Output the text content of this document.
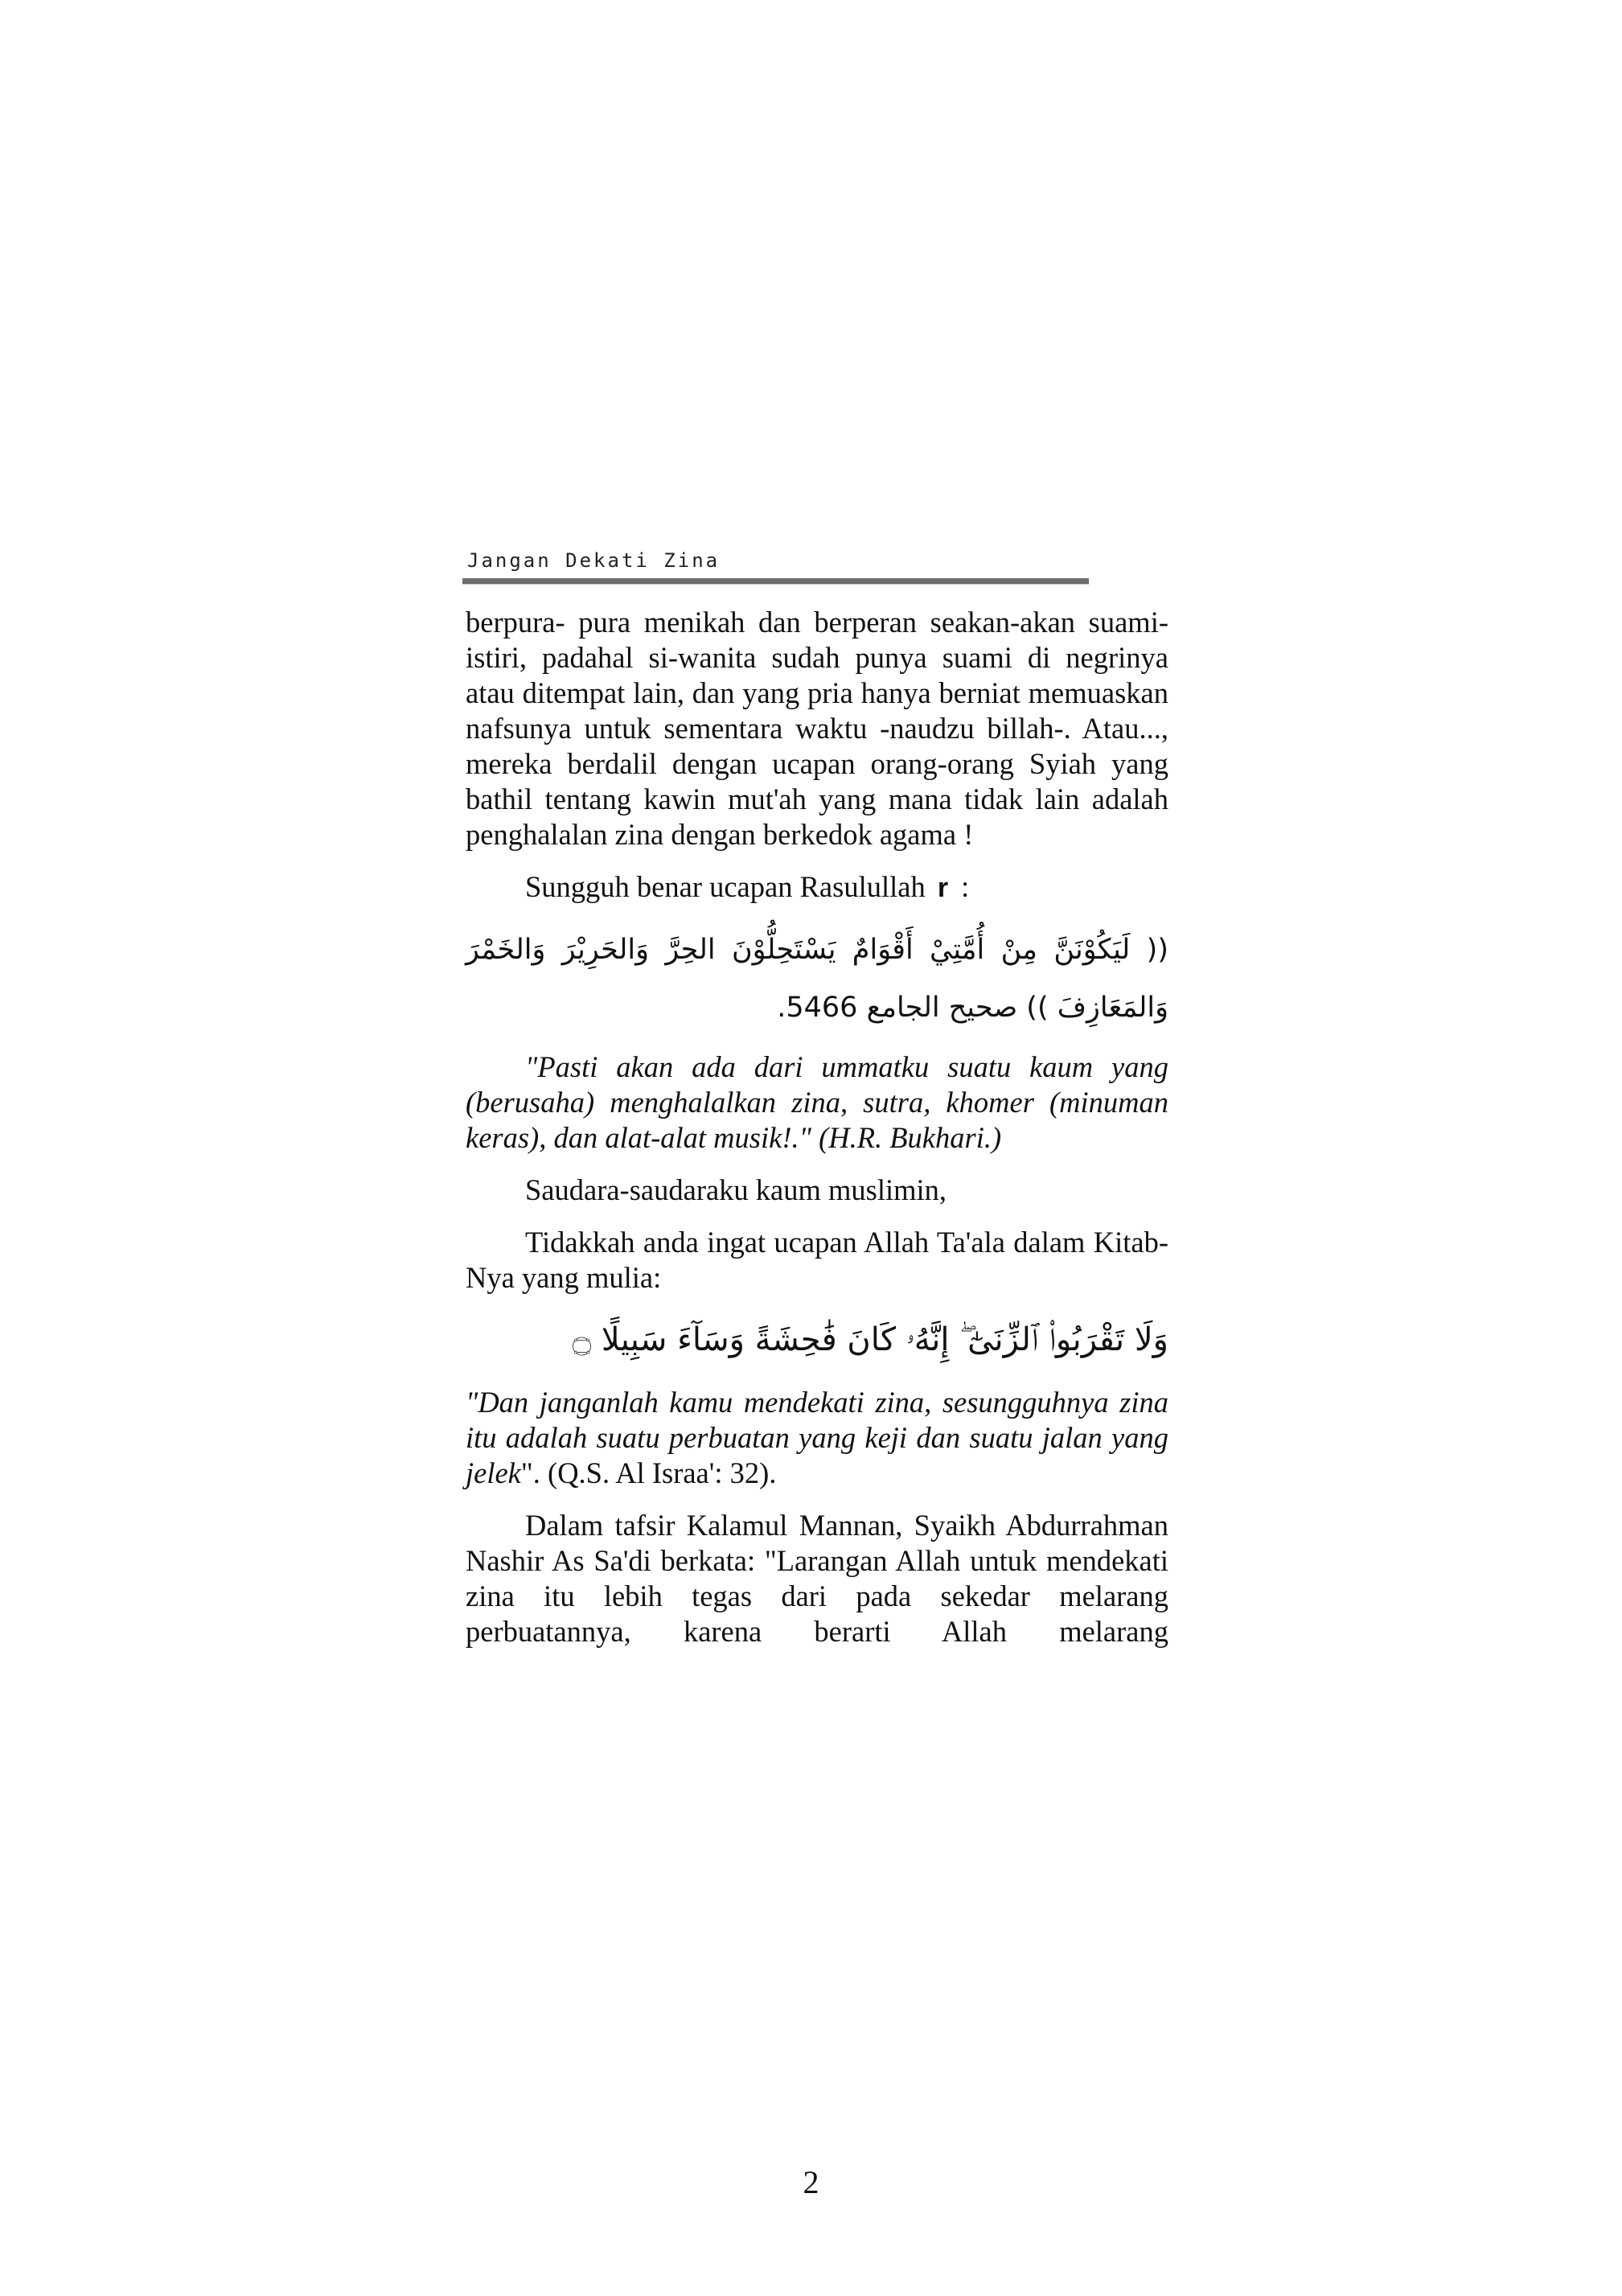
Jangan Dekati Zina

berpura- pura menikah dan berperan seakan-akan suami-istiri, padahal si-wanita sudah punya suami di negrinya atau ditempat lain, dan yang pria hanya berniat memuaskan nafsunya untuk sementara waktu -naudzu billah-. Atau..., mereka berdalil dengan ucapan orang-orang Syiah yang bathil tentang kawin mut'ah yang mana tidak lain adalah penghalalan zina dengan berkedok agama !

Sungguh benar ucapan Rasulullah r :

(( لَيَكُوْنَنَّ مِنْ أُمَّتِيْ أَقْوَامٌ يَسْتَحِلُّوْنَ الحِرَّ وَالحَرِيْرَ وَالخَمْرَ

وَالمَعَازِفَ )) صحيح الجامع 5466.

"Pasti akan ada dari ummatku suatu kaum yang (berusaha) menghalalkan zina, sutra, khomer (minuman keras), dan alat-alat musik!." (H.R. Bukhari.)

Saudara-saudaraku kaum muslimin,

Tidakkah anda ingat ucapan Allah Ta'ala dalam Kitab-Nya yang mulia:

وَلَا تَقْرَبُوا۟ ٱلزِّنَىٰٓ ۖ إِنَّهُۥ كَانَ فَٰحِشَةً وَسَآءَ سَبِيلًا ۝

"Dan janganlah kamu mendekati zina, sesungguhnya zina itu adalah suatu perbuatan yang keji dan suatu jalan yang jelek". (Q.S. Al Israa': 32).

Dalam tafsir Kalamul Mannan, Syaikh Abdurrahman Nashir As Sa'di berkata: "Larangan Allah untuk mendekati zina itu lebih tegas dari pada sekedar melarang perbuatannya, karena berarti Allah melarang

2
